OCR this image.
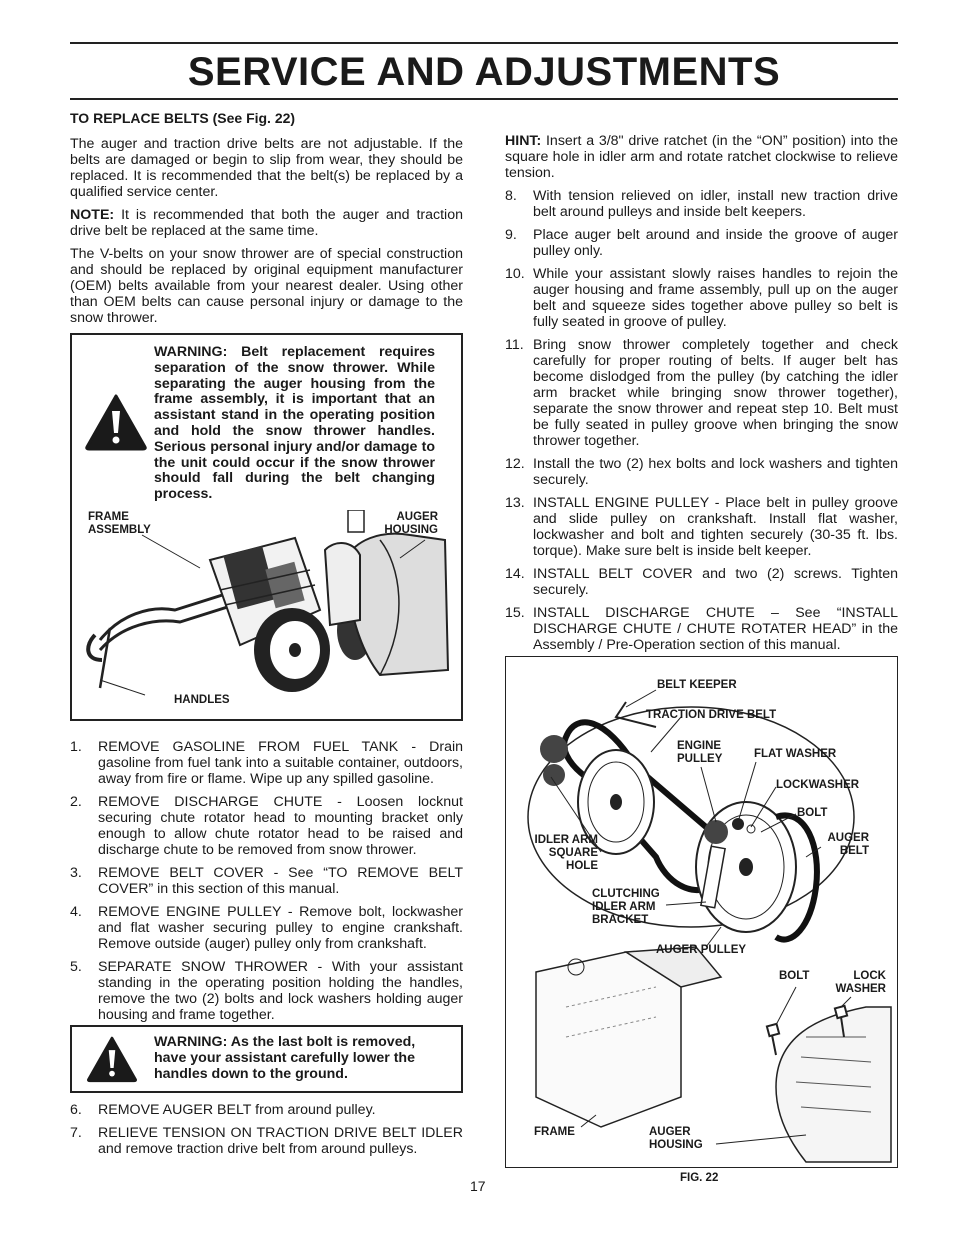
SERVICE AND ADJUSTMENTS
TO REPLACE BELTS (See Fig. 22)

The auger and traction drive belts are not adjustable. If the belts are damaged or begin to slip from wear, they should be replaced. It is recommended that the belt(s) be replaced by a qualified service center.

NOTE: It is recommended that both the auger and traction drive belt be replaced at the same time.

The V-belts on your snow thrower are of special construction and should be replaced by original equipment manufacturer (OEM) belts available from your nearest dealer. Using other than OEM belts can cause personal injury or damage to the snow thrower.

WARNING: Belt replacement requires separation of the snow thrower. While separating the auger housing from the frame assembly, it is important that an assistant stand in the operating position and hold the snow thrower handles. Serious personal injury and/or damage to the unit could occur if the snow thrower should fall during the belt changing process.
FRAME
ASSEMBLY
AUGER
HOUSING
HANDLES
1. REMOVE GASOLINE FROM FUEL TANK - Drain gasoline from fuel tank into a suitable container, outdoors, away from fire or flame. Wipe up any spilled gasoline.
2. REMOVE DISCHARGE CHUTE - Loosen locknut securing chute rotator head to mounting bracket only enough to allow chute rotator head to be raised and discharge chute to be removed from snow thrower.
3. REMOVE BELT COVER - See “TO REMOVE BELT COVER” in this section of this manual.
4. REMOVE ENGINE PULLEY - Remove bolt, lockwasher and flat washer securing pulley to engine crankshaft. Remove outside (auger) pulley only from crankshaft.
5. SEPARATE SNOW THROWER - With your assistant standing in the operating position holding the handles, remove the two (2) bolts and lock washers holding auger housing and frame together.
WARNING: As the last bolt is removed, have your assistant carefully lower the handles down to the ground.
6. REMOVE AUGER BELT from around pulley.
7. RELIEVE TENSION ON TRACTION DRIVE BELT IDLER and remove traction drive belt from around pulleys.

HINT: Insert a 3/8" drive ratchet (in the “ON” position) into the square hole in idler arm and rotate ratchet clockwise to relieve tension.

8. With tension relieved on idler, install new traction drive belt around pulleys and inside belt keepers.
9. Place auger belt around and inside the groove of auger pulley only.
10. While your assistant slowly raises handles to rejoin the auger housing and frame assembly, pull up on the auger belt and squeeze sides together above pulley so belt is fully seated in groove of pulley.
11. Bring snow thrower completely together and check carefully for proper routing of belts. If auger belt has become dislodged from the pulley (by catching the idler arm bracket while bringing snow thrower together), separate the snow thrower and repeat step 10. Belt must be fully seated in pulley groove when bringing the snow thrower together.
12. Install the two (2) hex bolts and lock washers and tighten securely.
13. INSTALL ENGINE PULLEY - Place belt in pulley groove and slide pulley on crankshaft. Install flat washer, lockwasher and bolt and tighten securely (30-35 ft. lbs. torque). Make sure belt is inside belt keeper.
14. INSTALL BELT COVER and two (2) screws. Tighten securely.
15. INSTALL DISCHARGE CHUTE – See “INSTALL DISCHARGE CHUTE / CHUTE ROTATER HEAD” in the Assembly / Pre-Operation section of this manual.
BELT KEEPER
TRACTION DRIVE BELT
ENGINE
PULLEY	FLAT WASHER
LOCKWASHER
BOLT
AUGER
BELT
IDLER ARM
SQUARE
HOLE
CLUTCHING
IDLER ARM
BRACKET
AUGER PULLEY
BOLT	LOCK
WASHER
FRAME	AUGER
HOUSING
17	FIG. 22
